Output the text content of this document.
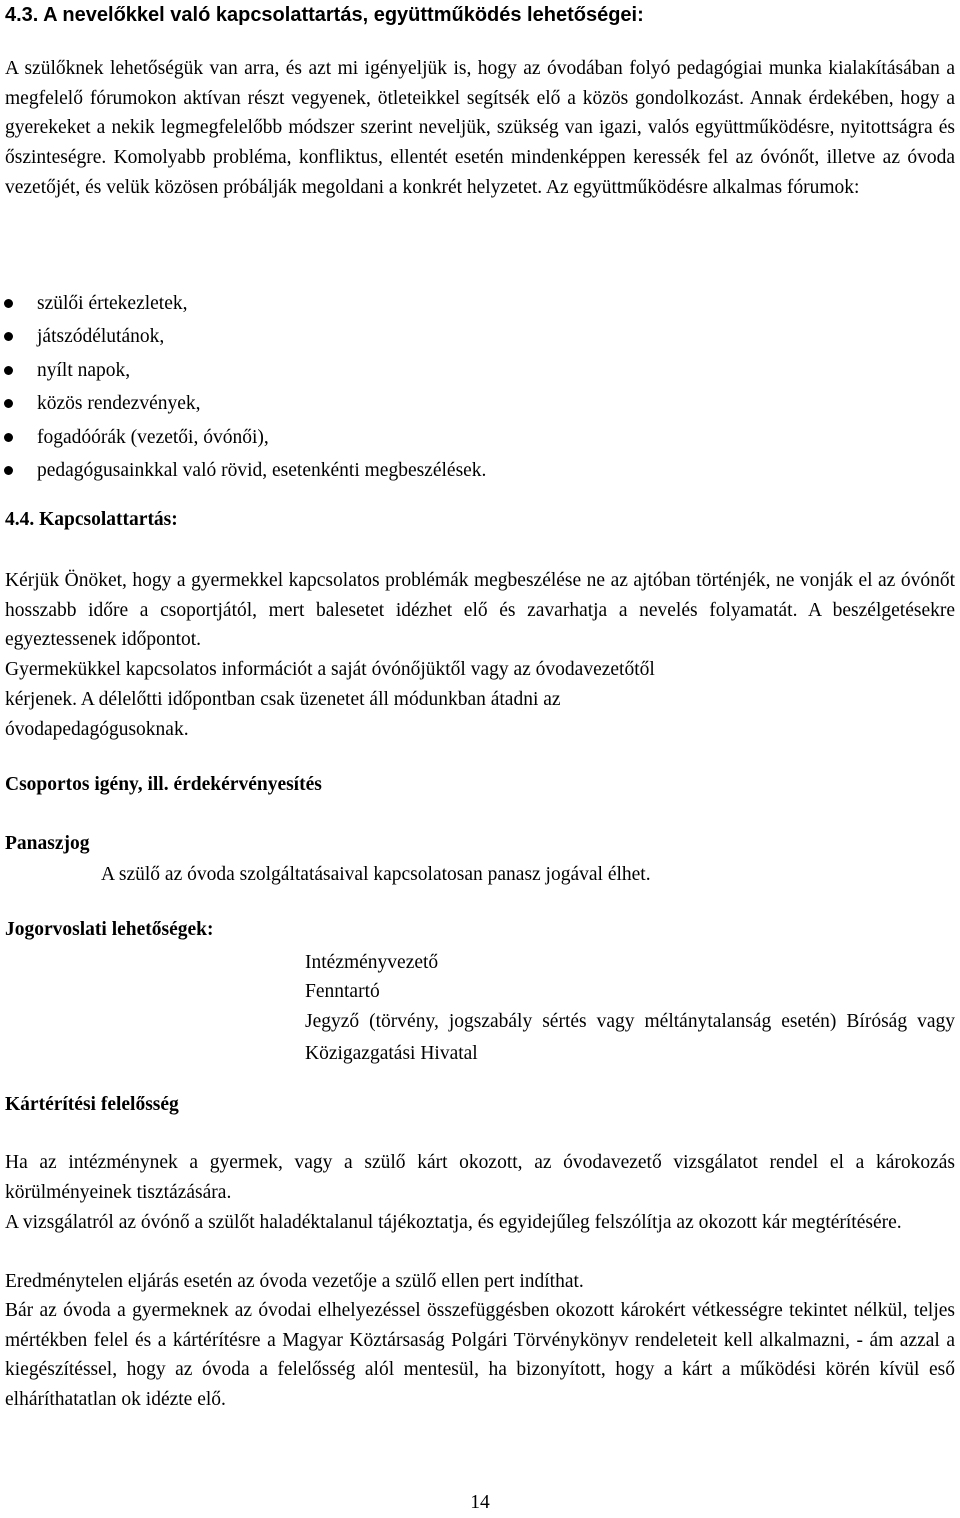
4.3. A nevelőkkel való kapcsolattartás, együttműködés lehetőségei:
A szülőknek lehetőségük van arra, és azt mi igényeljük is, hogy az óvodában folyó pedagógiai munka kialakításában a megfelelő fórumokon aktívan részt vegyenek, ötleteikkel segítsék elő a közös gondolkozást. Annak érdekében, hogy a gyerekeket a nekik legmegfelelőbb módszer szerint neveljük, szükség van igazi, valós együttműködésre, nyitottságra és őszinteségre. Komolyabb probléma, konfliktus, ellentét esetén mindenképpen keressék fel az óvónőt, illetve az óvoda vezetőjét, és velük közösen próbálják megoldani a konkrét helyzetet. Az együttműködésre alkalmas fórumok:
szülői értekezletek,
játszódélutánok,
nyílt napok,
közös rendezvények,
fogadóórák (vezetői, óvónői),
pedagógusainkkal való rövid, esetenkénti megbeszélések.
4.4. Kapcsolattartás:
Kérjük Önöket, hogy a gyermekkel kapcsolatos problémák megbeszélése ne az ajtóban történjék, ne vonják el az óvónőt hosszabb időre a csoportjától, mert balesetet idézhet elő és zavarhatja a nevelés folyamatát. A beszélgetésekre egyeztessenek időpontot.
Gyermekükkel kapcsolatos információt a saját óvónőjüktől vagy az óvodavezetőtől
kérjenek. A délelőtti időpontban csak üzenetet áll módunkban átadni az
óvodapedagógusoknak.
Csoportos igény, ill. érdekérvényesítés
Panaszjog
A szülő az óvoda szolgáltatásaival kapcsolatosan panasz jogával élhet.
Jogorvoslati lehetőségek:
Intézményvezető
Fenntartó
Jegyző (törvény, jogszabály sértés vagy méltánytalanság esetén) Bíróság vagy Közigazgatási Hivatal
Kártérítési felelősség
Ha az intézménynek a gyermek, vagy a szülő kárt okozott, az óvodavezető vizsgálatot rendel el a károkozás körülményeinek tisztázására.
A vizsgálatról az óvónő a szülőt haladéktalanul tájékoztatja, és egyidejűleg felszólítja az okozott kár megtérítésére.
Eredménytelen eljárás esetén az óvoda vezetője a szülő ellen pert indíthat.
Bár az óvoda a gyermeknek az óvodai elhelyezéssel összefüggésben okozott károkért vétkességre tekintet nélkül, teljes mértékben felel és a kártérítésre a Magyar Köztársaság Polgári Törvénykönyv rendeleteit kell alkalmazni, - ám azzal a kiegészítéssel, hogy az óvoda a felelősség alól mentesül, ha bizonyított, hogy a kárt a működési körén kívül eső elháríthatatlan ok idézte elő.
14
